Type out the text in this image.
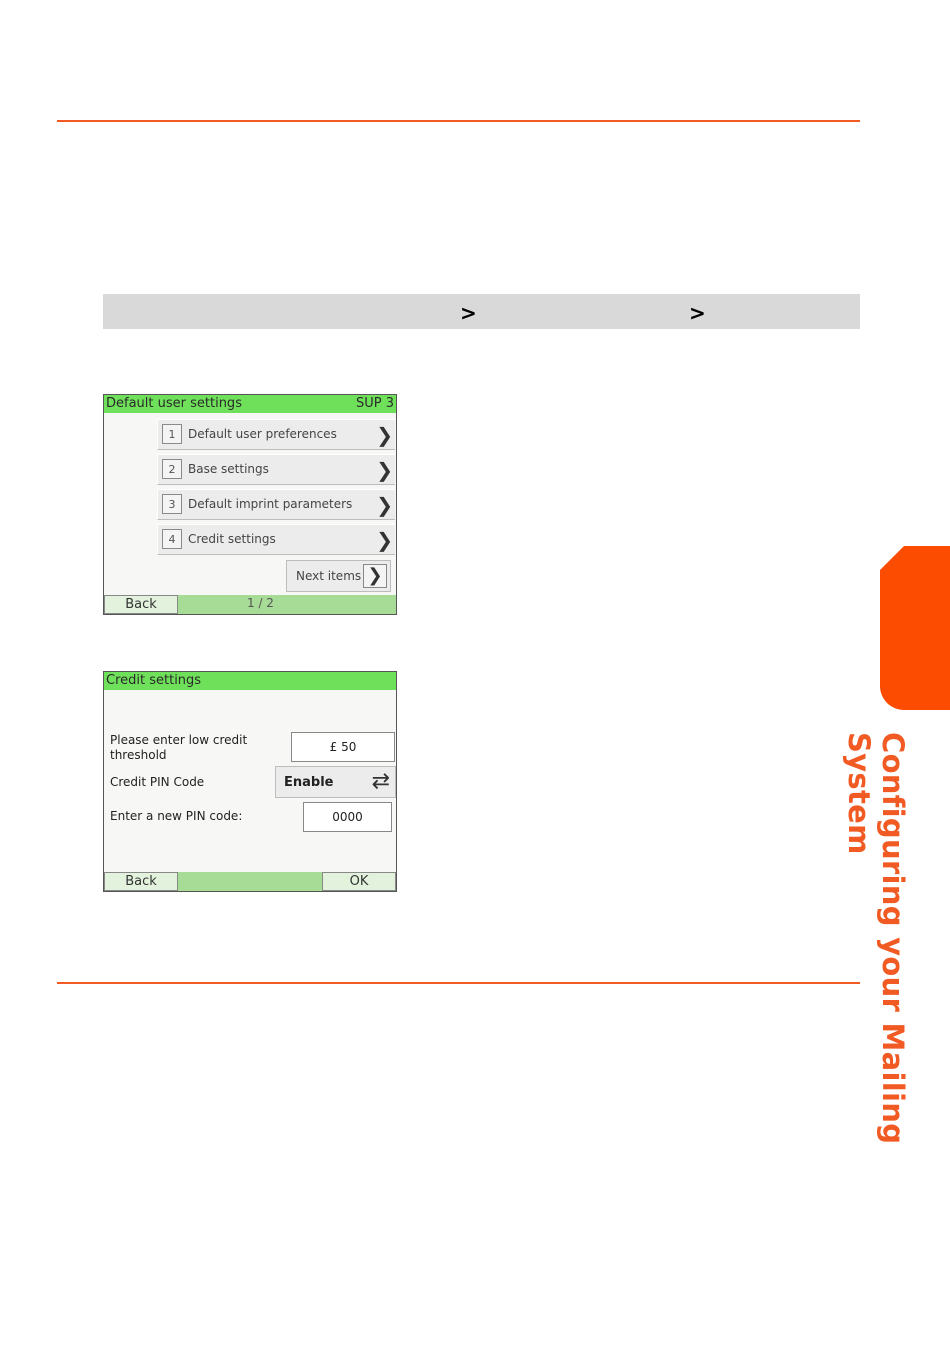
>	>
Default user settings	SUP 3
1	Default user preferences ❯
2	Base settings	❯
3	Default imprint parameters ❯
4	Credit settings	❯
Next items ❯
Back	1 / 2
Credit settings
Please enter low credit threshold
£ 50
Credit PIN Code	Enable ⇄
Enter a new PIN code:	0000
Back	OK	Configuring your Mailing System
